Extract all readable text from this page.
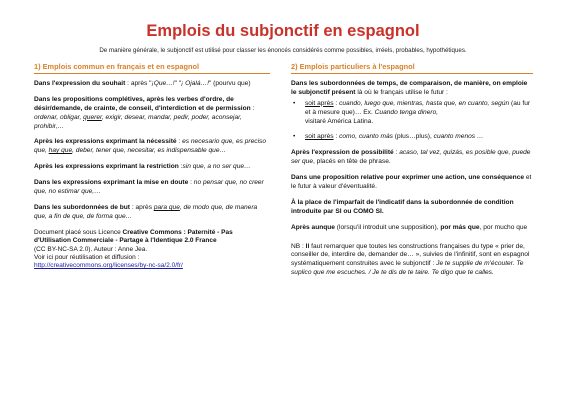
Emplois du subjonctif en espagnol
De manière générale, le subjonctif est utilisé pour classer les énoncés considérés comme possibles, irréels, probables, hypothétiques.
1) Emplois commun en français et en espagnol

Dans l'expression du souhait : après "¡Que…!" "¡ Ojalá…!" (pourvu que)

Dans les propositions complétives, après les verbes d'ordre, de désir/demande, de crainte, de conseil, d'interdiction et de permission : ordenar, obligar, querer, exigir, desear, mandar, pedir, poder, aconsejar, prohibir,…

Après les expressions exprimant la nécessité : es necesario que, es preciso que, hay que, deber, tener que, necesitar, es indispensable que…

Après les expressions exprimant la restriction :sin que, a no ser que…

Dans les expressions exprimant la mise en doute : no pensar que, no creer que, no estimar que,…

Dans les subordonnées de but : après para que, de modo que, de manera que, a fin de que, de forma que…

Document placé sous Licence Creative Commons : Paternité - Pas d'Utilisation Commerciale - Partage à l'Identique 2.0 France

(CC BY-NC-SA 2.0). Auteur : Anne Jea.

Voir ici pour réutilisation et diffusion :

http://creativecommons.org/licenses/by-nc-sa/2.0/fr/

2) Emplois particuliers à l'espagnol

Dans les subordonnées de temps, de comparaison, de manière, on emploie le subjonctif présent là où le français utilise le futur :

•	soit après : cuando, luego que, mientras, hasta que, en cuanto, según (au fur et à mesure que)… Ex. Cuando tenga dinero,

visitaré América Latina.

•	soit après : como, cuanto más (plus…plus), cuanto menos …

Après l'expression de possibilité : acaso, tal vez, quizás, es posible que, puede ser que, placés en tête de phrase.

Dans une proposition relative pour exprimer une action, une conséquence et le futur à valeur d'éventualité.

À la place de l'imparfait de l'indicatif dans la subordonnée de condition introduite par SI ou COMO SI.

Après aunque (lorsqu'il introduit une supposition), por más que, por mucho que

NB : Il faut remarquer que toutes les constructions françaises du type « prier de, conseiller de, interdire de, demander de… », suivies de l'infinitif, sont en espagnol systématiquement construites avec le subjonctif : Je te supplie de m'écouter. Te suplico que me escuches. / Je te dis de te taire. Te digo que te calles.
